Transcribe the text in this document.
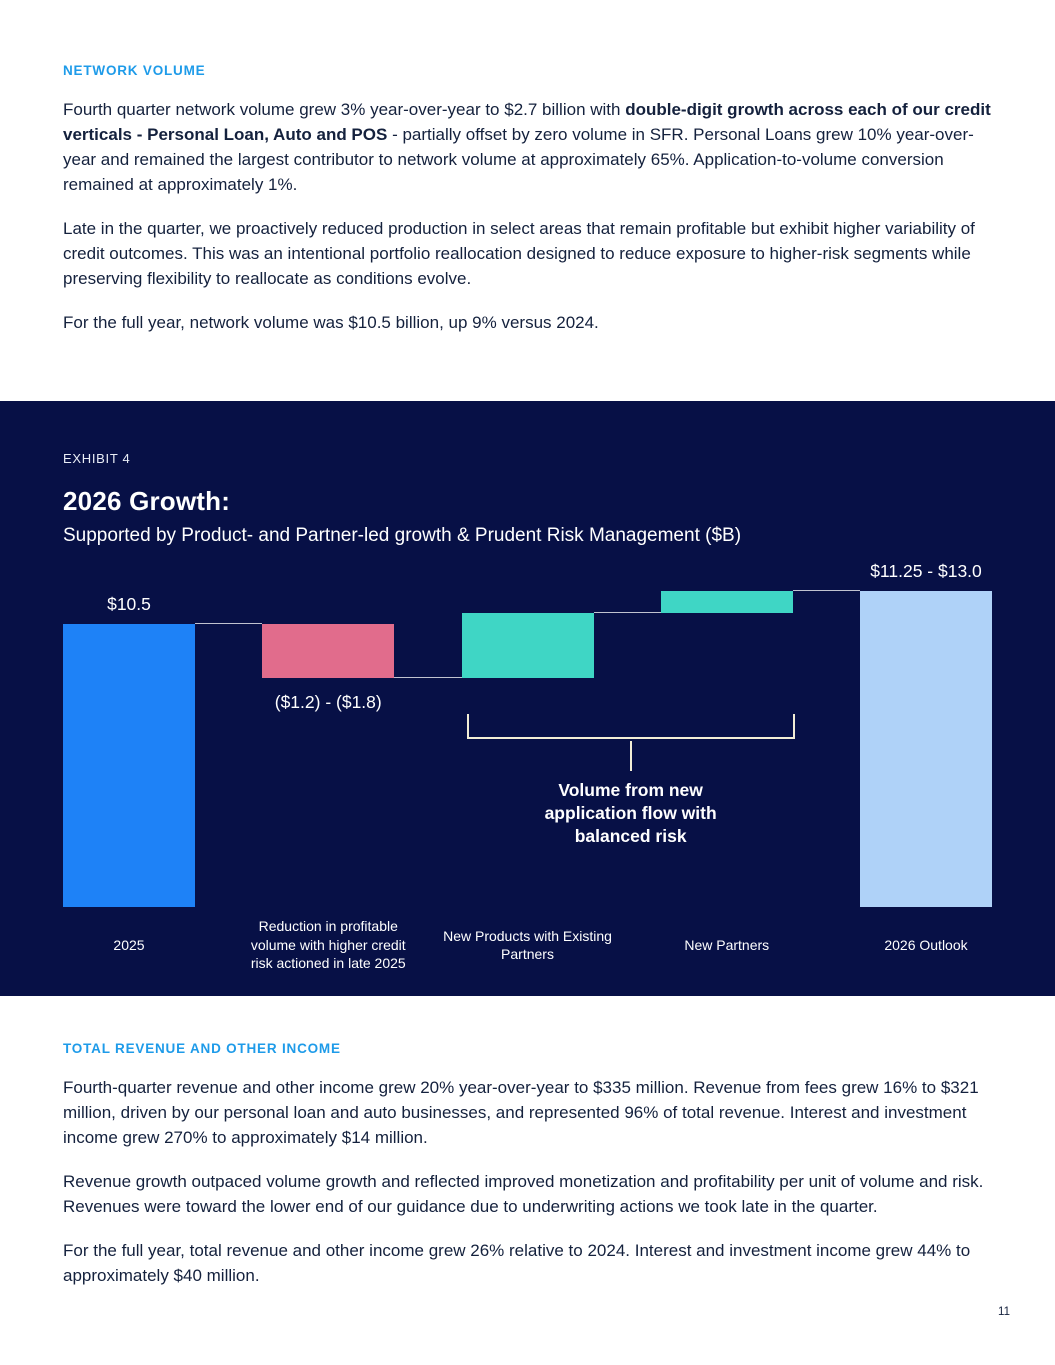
NETWORK VOLUME

Fourth quarter network volume grew 3% year-over-year to $2.7 billion with double-digit growth across each of our credit verticals - Personal Loan, Auto and POS - partially offset by zero volume in SFR. Personal Loans grew 10% year-over-year and remained the largest contributor to network volume at approximately 65%. Application-to-volume conversion remained at approximately 1%.

Late in the quarter, we proactively reduced production in select areas that remain profitable but exhibit higher variability of credit outcomes. This was an intentional portfolio reallocation designed to reduce exposure to higher-risk segments while preserving flexibility to reallocate as conditions evolve.

For the full year, network volume was $10.5 billion, up 9% versus 2024.

EXHIBIT 4
2026 Growth:
Supported by Product- and Partner-led growth & Prudent Risk Management ($B)
$10.5
($1.2) - ($1.8)
$11.25 - $13.0
Volume from new application flow with balanced risk
2025
Reduction in profitable volume with higher credit risk actioned in late 2025
New Products with Existing Partners
New Partners	2026 Outlook
TOTAL REVENUE AND OTHER INCOME

Fourth-quarter revenue and other income grew 20% year-over-year to $335 million. Revenue from fees grew 16% to $321 million, driven by our personal loan and auto businesses, and represented 96% of total revenue. Interest and investment income grew 270% to approximately $14 million.

Revenue growth outpaced volume growth and reflected improved monetization and profitability per unit of volume and risk. Revenues were toward the lower end of our guidance due to underwriting actions we took late in the quarter.

For the full year, total revenue and other income grew 26% relative to 2024. Interest and investment income grew 44% to approximately $40 million.

11
